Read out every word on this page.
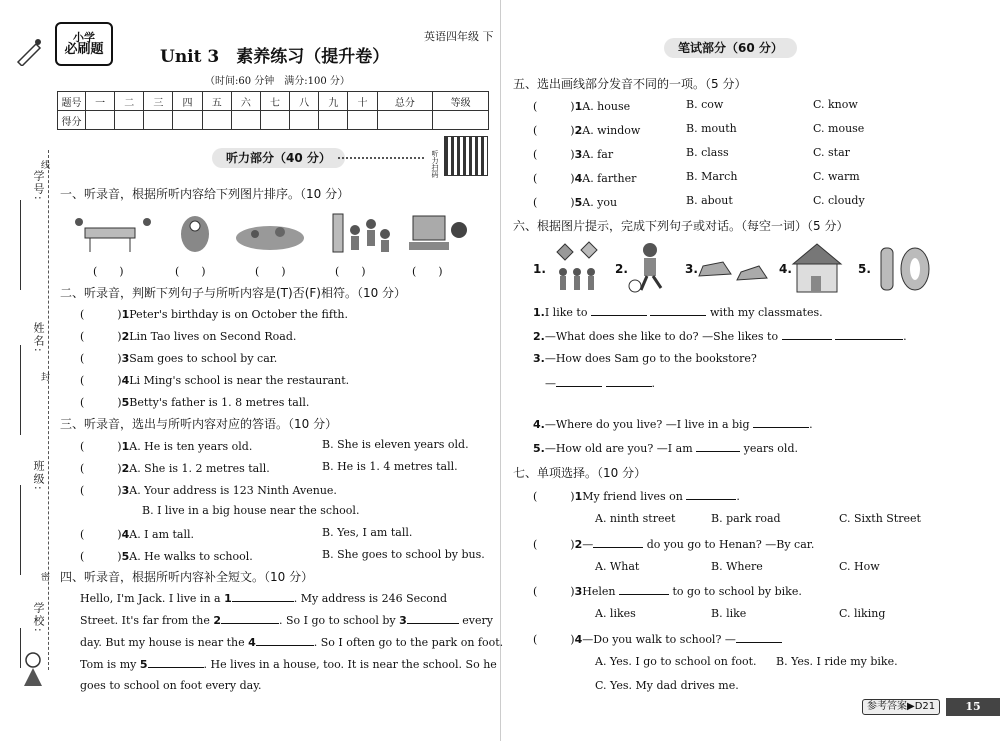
学号:
线
姓名:
封
班级:
密
学校:
小学
必刷题	Unit 3　素养练习（提升卷）
英语四年级 下
（时间:60 分钟　满分:100 分）
题号	一	二	三	四	五	六	七	八	九	十	总分	等级
得分												
听力部分（40 分）	听力扫码
一、听录音，根据所听内容给下列图片排序。（10 分）
(　　)	(　　)	(　　)	(　　)	(　　)
二、听录音，判断下列句子与所听内容是(T)否(F)相符。（10 分）
(　　　)1Peter's birthday is on October the fifth.
(　　　)2Lin Tao lives on Second Road.
(　　　)3Sam goes to school by car.
(　　　)4Li Ming's school is near the restaurant.
(　　　)5Betty's father is 1. 8 metres tall.
三、听录音，选出与所听内容对应的答语。（10 分）
(　　　)1A. He is ten years old.	B. She is eleven years old.
(　　　)2A. She is 1. 2 metres tall.	B. He is 1. 4 metres tall.
(　　　)3A. Your address is 123 Ninth Avenue.
B. I live in a big house near the school.
(　　　)4A. I am tall.	B. Yes, I am tall.
(　　　)5A. He walks to school.	B. She goes to school by bus.
四、听录音，根据所听内容补全短文。（10 分）
Hello, I'm Jack. I live in a 1	. My address is 246 Second
Street. It's far from the 2	. So I go to school by 3	every
day. But my house is near the 4	. So I often go to the park on foot.
Tom is my 5	. He lives in a house, too. It is near the school. So he
goes to school on foot every day.
笔试部分（60 分）
五、选出画线部分发音不同的一项。（5 分）
(　　　)1A. house	B. cow	C. know
(　　　)2A. window	B. mouth	C. mouse
(　　　)3A. far	B. class	C. star
(　　　)4A. farther	B. March	C. warm
(　　　)5A. you	B. about	C. cloudy
六、根据图片提示，完成下列句子或对话。（每空一词）（5 分）
1.	2.	3.	4.	5.
1.I like to	with my classmates.
2.—What does she like to do? —She likes to	.
3.—How does Sam go to the bookstore?
—	.
4.—Where do you live? —I live in a big	.
5.—How old are you? —I am	years old.
七、单项选择。（10 分）
(　　　)1My friend lives on	.
A. ninth street	B. park road	C. Sixth Street
(　　　)2—	do you go to Henan? —By car.
A. What	B. Where	C. How
(　　　)3Helen	to go to school by bike.
A. likes	B. like	C. liking
(　　　)4—Do you walk to school? —
A. Yes. I go to school on foot. B. Yes. I ride my bike.
C. Yes. My dad drives me.
参考答案▶D21	15
